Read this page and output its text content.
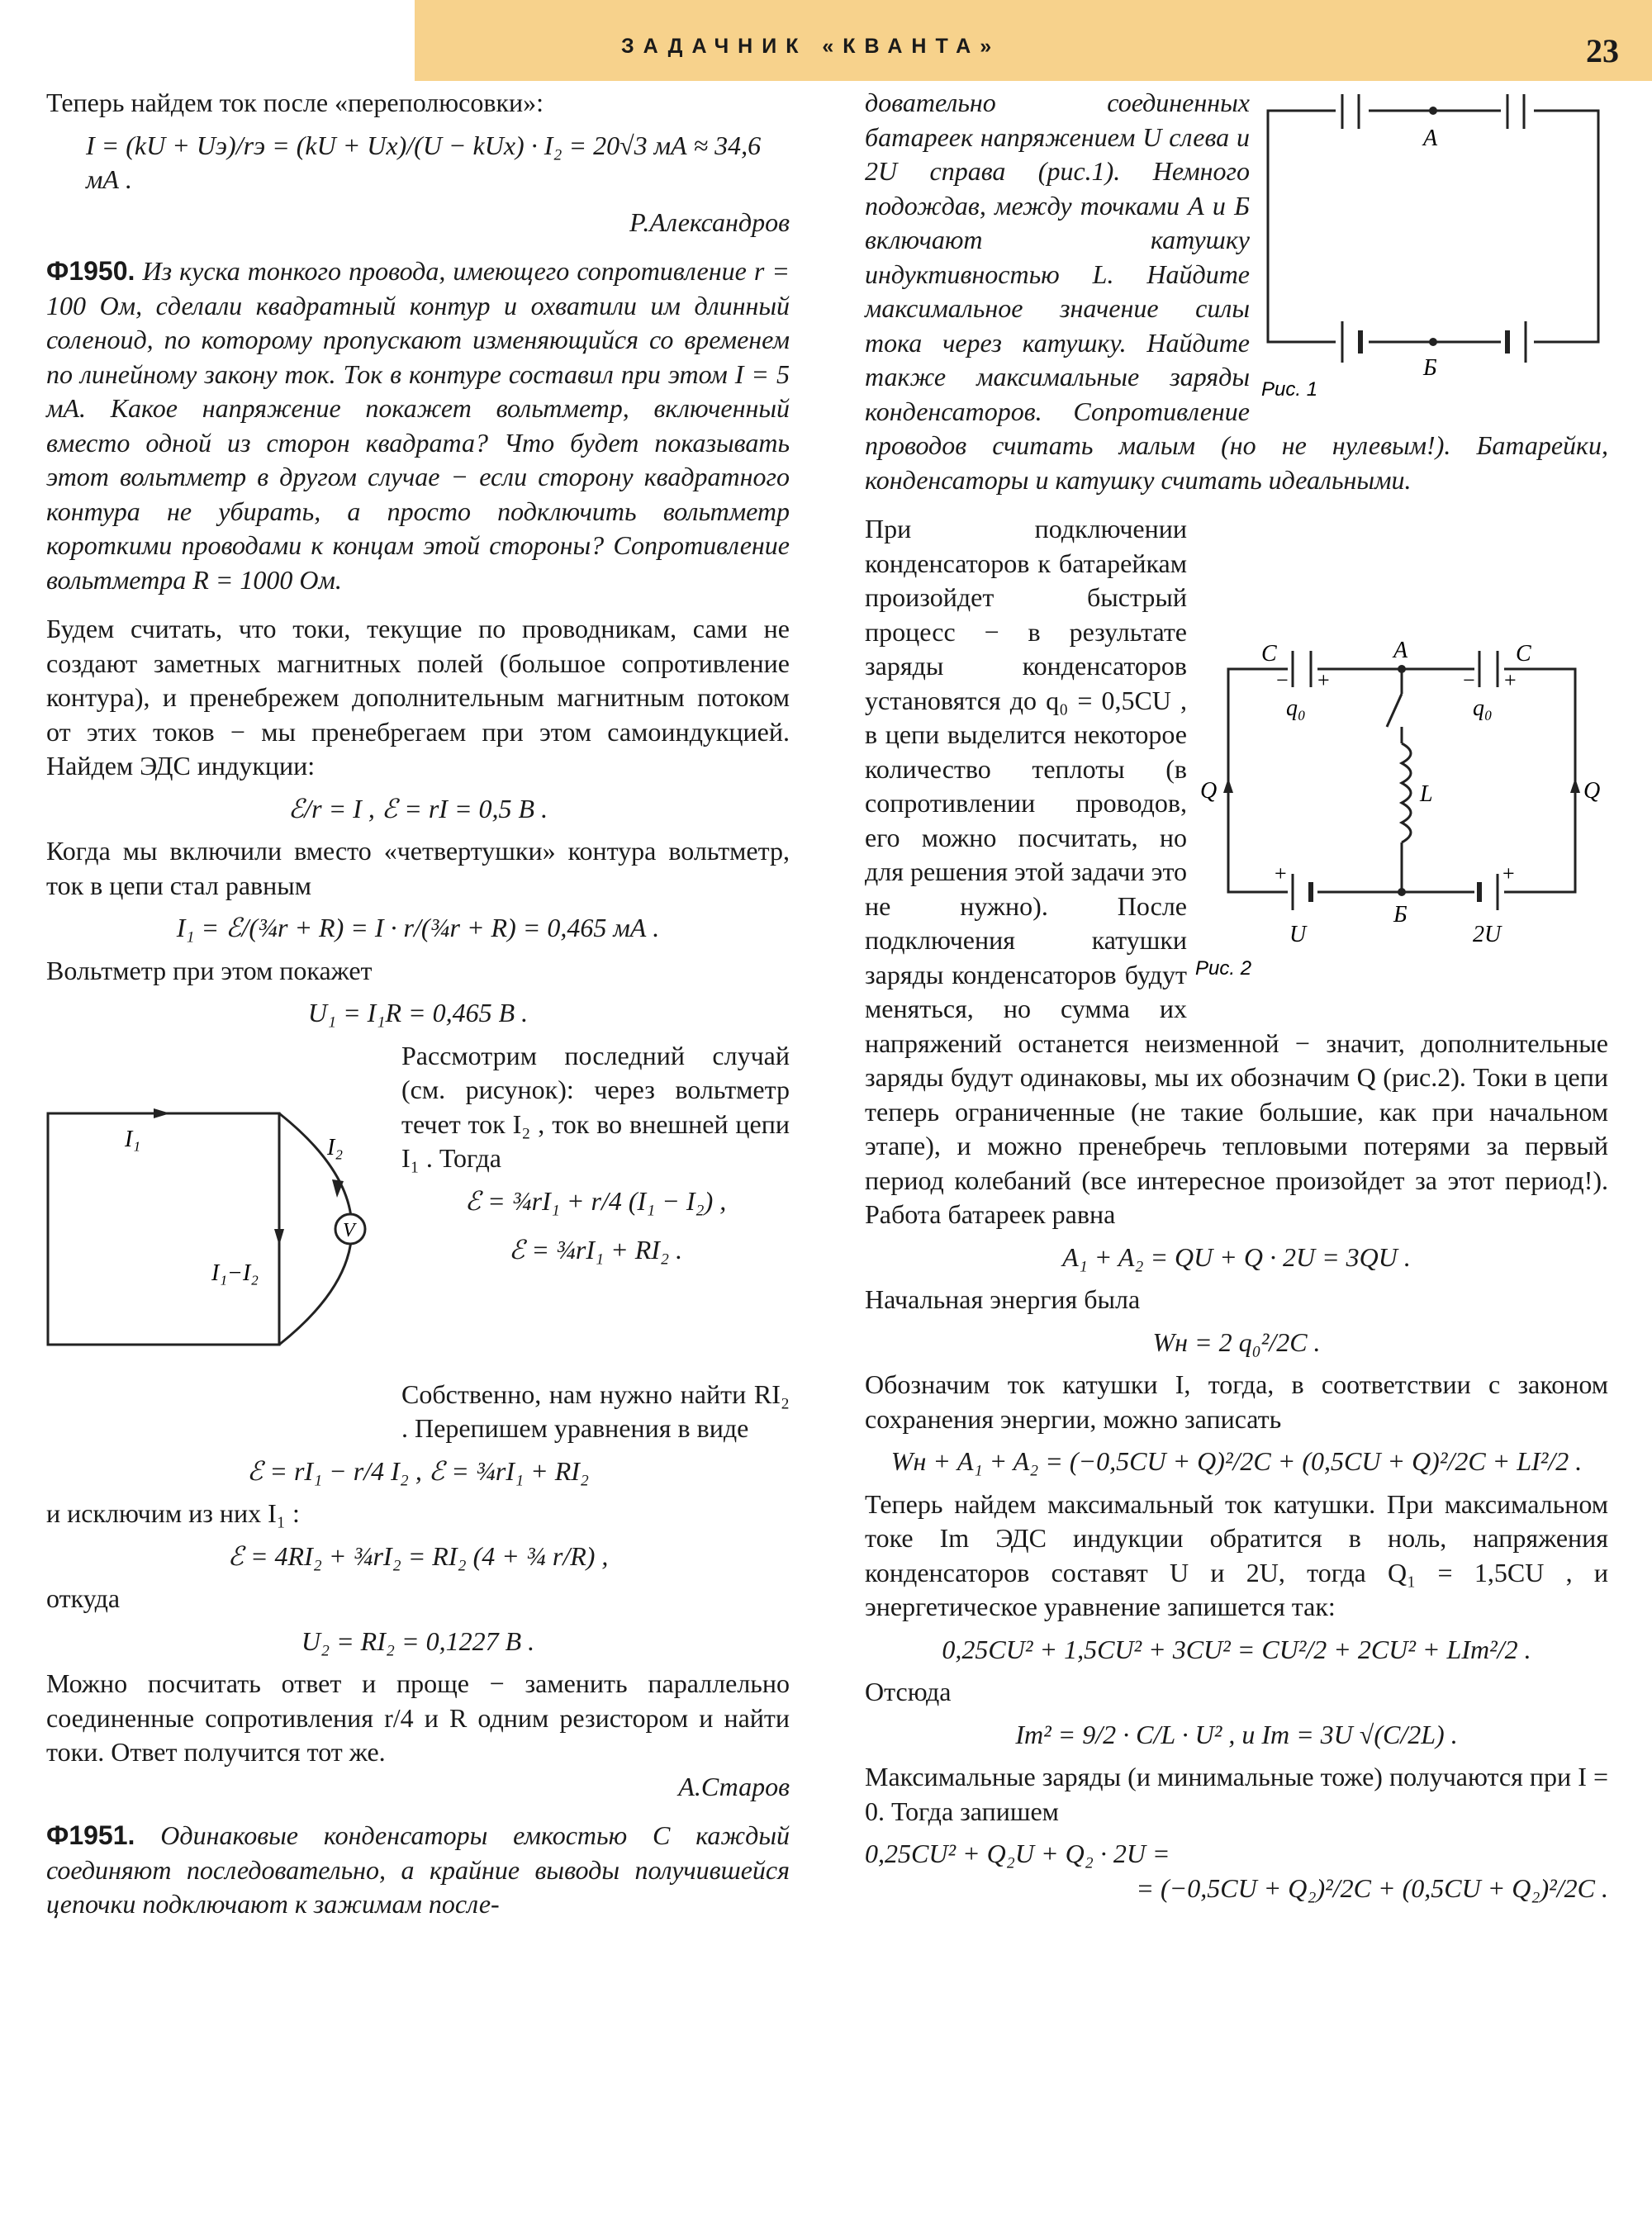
ЗАДАЧНИК «КВАНТА»	23

Теперь найдем ток после «переполюсовки»:

I = (kU + Uэ)/rэ = (kU + Ux)/(U − kUx) · I₂ = 20√3 мА ≈ 34,6 мА .

Р.Александров

Ф1950. Из куска тонкого провода, имеющего сопротивление r = 100 Ом, сделали квадратный контур и охватили им длинный соленоид, по которому пропускают изменяющийся со временем по линейному закону ток. Ток в контуре составил при этом I = 5 мА. Какое напряжение покажет вольтметр, включенный вместо одной из сторон квадрата? Что будет показывать этот вольтметр в другом случае − если сторону квадратного контура не убирать, а просто подключить вольтметр короткими проводами к концам этой стороны? Сопротивление вольтметра R = 1000 Ом.

Будем считать, что токи, текущие по проводникам, сами не создают заметных магнитных полей (большое сопротивление контура), и пренебрежем дополнительным магнитным потоком от этих токов − мы пренебрегаем при этом самоиндукцией. Найдем ЭДС индукции:

ℰ/r = I , ℰ = rI = 0,5 В .

Когда мы включили вместо «четвертушки» контура вольтметр, ток в цепи стал равным

I₁ = ℰ/(¾r + R) = I · r/(¾r + R) = 0,465 мА .

Вольтметр при этом покажет

U₁ = I₁R = 0,465 В .

V
I₁	I₂
I₁−I₂

Рассмотрим последний случай (см. рисунок): через вольтметр течет ток I₂ , ток во внешней цепи I₁ . Тогда

ℰ = ¾rI₁ + r/4 (I₁ − I₂) ,

ℰ = ¾rI₁ + RI₂ .

Собственно, нам нужно найти RI₂ . Перепишем уравнения в виде

ℰ = rI₁ − r/4 I₂ , ℰ = ¾rI₁ + RI₂

и исключим из них I₁ :

ℰ = 4RI₂ + ¾rI₂ = RI₂ (4 + ¾ r/R) ,

откуда

U₂ = RI₂ = 0,1227 В .

Можно посчитать ответ и проще − заменить параллельно соединенные сопротивления r/4 и R одним резистором и найти токи. Ответ получится тот же.

А.Старов

Ф1951. Одинаковые конденсаторы емкостью C каждый соединяют последовательно, а крайние выводы получившейся цепочки подключают к зажимам после-

А
Б
Рис. 1

довательно соединенных батареек напряжением U слева и 2U справа (рис.1). Немного подождав, между точками А и Б включают катушку индуктивностью L. Найдите максимальное значение силы тока через катушку. Найдите также максимальные заряды конденсаторов. Сопротивление проводов считать малым (но не нулевым!). Батарейки, конденсаторы и катушку считать идеальными.

C	C
− +	− +
q₀	q₀
А
L
Б
+	+
U	2U
Q	Q
Рис. 2

При подключении конденсаторов к батарейкам произойдет быстрый процесс − в результате заряды конденсаторов установятся до q₀ = 0,5CU , в цепи выделится некоторое количество теплоты (в сопротивлении проводов, его можно посчитать, но для решения этой задачи это не нужно). После подключения катушки заряды конденсаторов будут меняться, но сумма их напряжений останется неизменной − значит, дополнительные заряды будут одинаковы, мы их обозначим Q (рис.2). Токи в цепи теперь ограниченные (не такие большие, как при начальном этапе), и можно пренебречь тепловыми потерями за первый период колебаний (все интересное произойдет за этот период!). Работа батареек равна

A₁ + A₂ = QU + Q · 2U = 3QU .

Начальная энергия была

Wн = 2 q₀²/2C .

Обозначим ток катушки I, тогда, в соответствии с законом сохранения энергии, можно записать

Wн + A₁ + A₂ = (−0,5CU + Q)²/2C + (0,5CU + Q)²/2C + LI²/2 .

Теперь найдем максимальный ток катушки. При максимальном токе Im ЭДС индукции обратится в ноль, напряжения конденсаторов составят U и 2U, тогда Q₁ = 1,5CU , и энергетическое уравнение запишется так:

0,25CU² + 1,5CU² + 3CU² = CU²/2 + 2CU² + LIm²/2 .

Отсюда

Im² = 9/2 · C/L · U² , и Im = 3U √(C/2L) .

Максимальные заряды (и минимальные тоже) получаются при I = 0. Тогда запишем

0,25CU² + Q₂U + Q₂ · 2U =

= (−0,5CU + Q₂)²/2C + (0,5CU + Q₂)²/2C .
